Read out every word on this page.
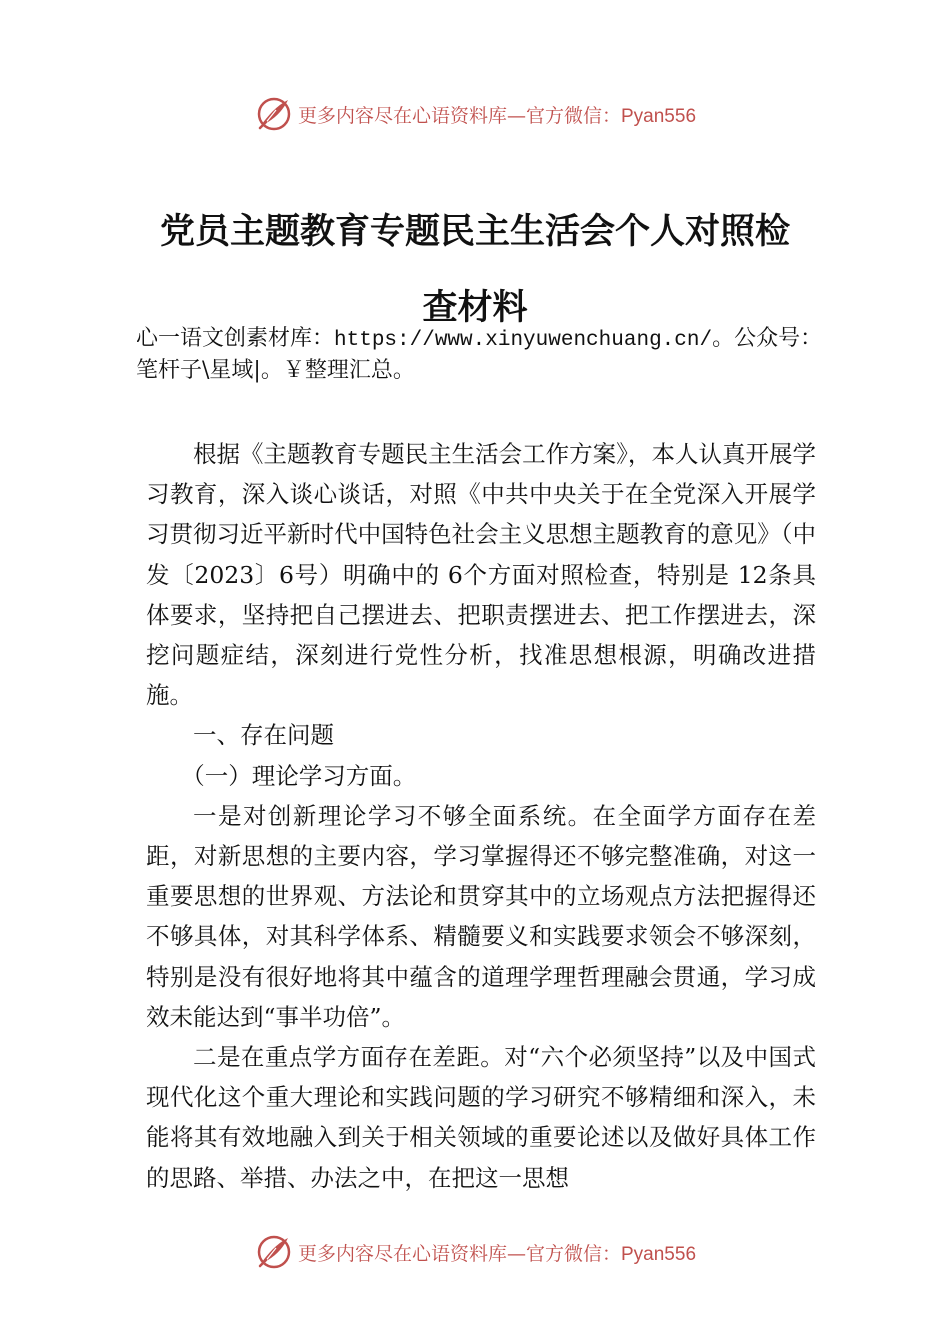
更多内容尽在心语资料库—官方微信：Pyan556
党员主题教育专题民主生活会个人对照检
查材料
心一语文创素材库：https://www.xinyuwenchuang.cn/。公众号：笔杆子\星域|。￥整理汇总。

根据《主题教育专题民主生活会工作方案》，本人认真开展学习教育，深入谈心谈话，对照《中共中央关于在全党深入开展学习贯彻习近平新时代中国特色社会主义思想主题教育的意见》（中发〔2023〕6号）明确中的 6个方面对照检查，特别是 12条具体要求，坚持把自己摆进去、把职责摆进去、把工作摆进去，深挖问题症结，深刻进行党性分析，找准思想根源，明确改进措施。

一、存在问题

（一）理论学习方面。

一是对创新理论学习不够全面系统。在全面学方面存在差距，对新思想的主要内容，学习掌握得还不够完整准确，对这一重要思想的世界观、方法论和贯穿其中的立场观点方法把握得还不够具体，对其科学体系、精髓要义和实践要求领会不够深刻，特别是没有很好地将其中蕴含的道理学理哲理融会贯通，学习成效未能达到“事半功倍”。

二是在重点学方面存在差距。对“六个必须坚持”以及中国式现代化这个重大理论和实践问题的学习研究不够精细和深入，未能将其有效地融入到关于相关领域的重要论述以及做好具体工作的思路、举措、办法之中，在把这一思想

更多内容尽在心语资料库—官方微信：Pyan556
